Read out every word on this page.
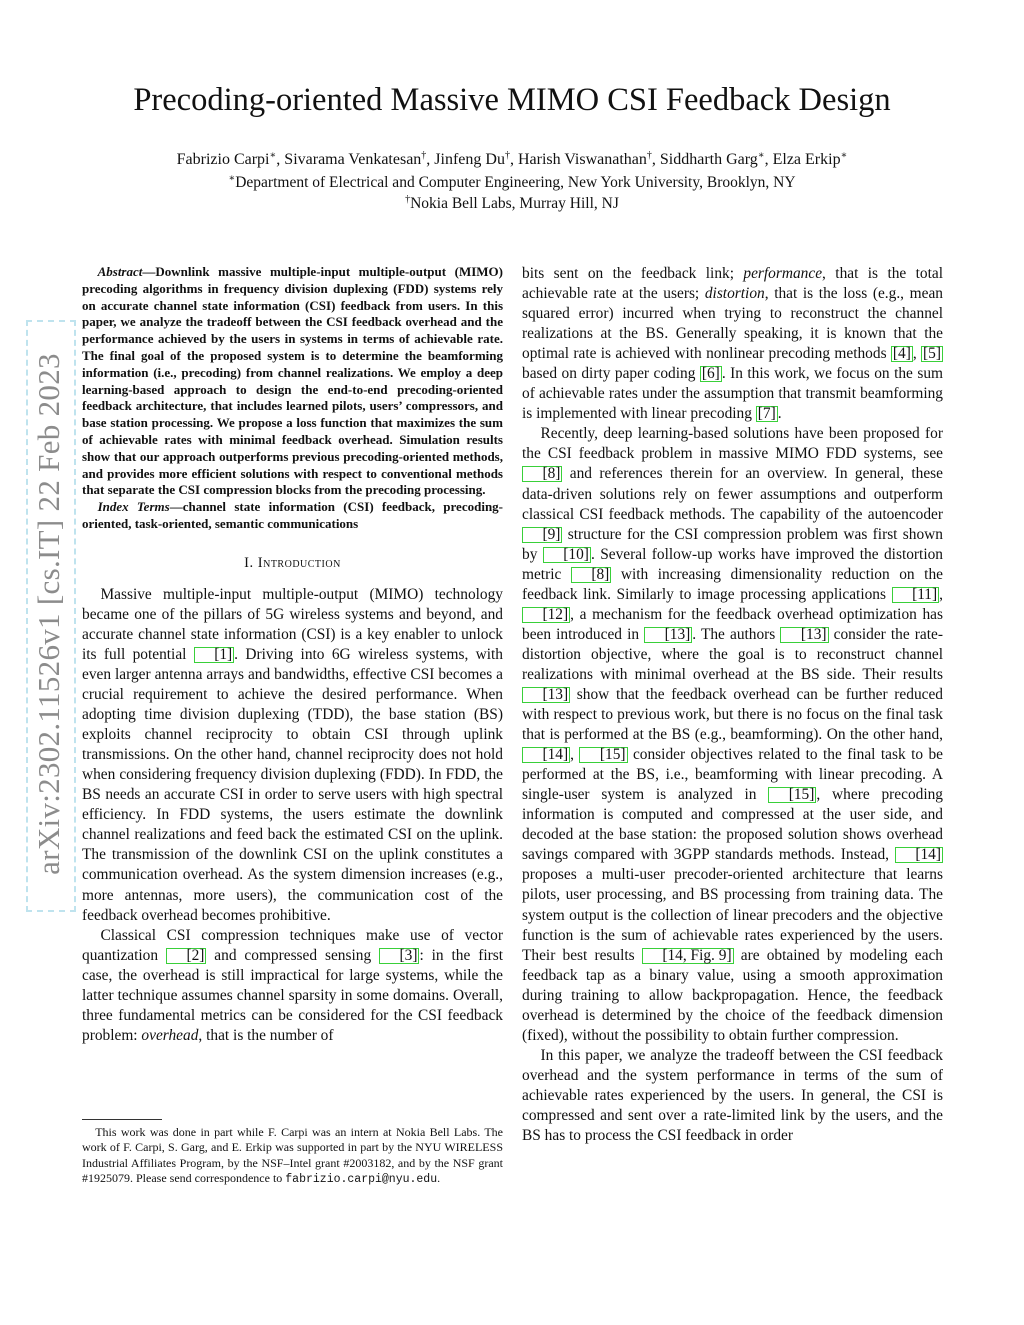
arXiv:2302.11526v1 [cs.IT] 22 Feb 2023
Precoding-oriented Massive MIMO CSI Feedback Design

Fabrizio Carpi∗, Sivarama Venkatesan†, Jinfeng Du†, Harish Viswanathan†, Siddharth Garg∗, Elza Erkip∗

∗Department of Electrical and Computer Engineering, New York University, Brooklyn, NY

†Nokia Bell Labs, Murray Hill, NJ

Abstract—Downlink massive multiple-input multiple-output (MIMO) precoding algorithms in frequency division duplexing (FDD) systems rely on accurate channel state information (CSI) feedback from users. In this paper, we analyze the tradeoff between the CSI feedback overhead and the performance achieved by the users in systems in terms of achievable rate. The final goal of the proposed system is to determine the beamforming information (i.e., precoding) from channel realizations. We employ a deep learning-based approach to design the end-to-end precoding-oriented feedback architecture, that includes learned pilots, users’ compressors, and base station processing. We propose a loss function that maximizes the sum of achievable rates with minimal feedback overhead. Simulation results show that our approach outperforms previous precoding-oriented methods, and provides more efficient solutions with respect to conventional methods that separate the CSI compression blocks from the precoding processing.

Index Terms—channel state information (CSI) feedback, precoding-oriented, task-oriented, semantic communications

I. Introduction

Massive multiple-input multiple-output (MIMO) technology became one of the pillars of 5G wireless systems and beyond, and accurate channel state information (CSI) is a key enabler to unlock its full potential [1] . Driving into 6G wireless systems, with even larger antenna arrays and bandwidths, effective CSI becomes a crucial requirement to achieve the desired performance. When adopting time division duplexing (TDD), the base station (BS) exploits channel reciprocity to obtain CSI through uplink transmissions. On the other hand, channel reciprocity does not hold when considering frequency division duplexing (FDD). In FDD, the BS needs an accurate CSI in order to serve users with high spectral efficiency. In FDD systems, the users estimate the downlink channel realizations and feed back the estimated CSI on the uplink. The transmission of the downlink CSI on the uplink constitutes a communication overhead. As the system dimension increases (e.g., more antennas, more users), the communication cost of the feedback overhead becomes prohibitive.

Classical CSI compression techniques make use of vector quantization [2] and compressed sensing [3] : in the first case, the overhead is still impractical for large systems, while the latter technique assumes channel sparsity in some domains. Overall, three fundamental metrics can be considered for the CSI feedback problem: overhead, that is the number of

bits sent on the feedback link; performance, that is the total achievable rate at the users; distortion, that is the loss (e.g., mean squared error) incurred when trying to reconstruct the channel realizations at the BS. Generally speaking, it is known that the optimal rate is achieved with nonlinear precoding methods [4] , [5] based on dirty paper coding [6] . In this work, we focus on the sum of achievable rates under the assumption that transmit beamforming is implemented with linear precoding [7] .

Recently, deep learning-based solutions have been proposed for the CSI feedback problem in massive MIMO FDD systems, see [8] and references therein for an overview. In general, these data-driven solutions rely on fewer assumptions and outperform classical CSI feedback methods. The capability of the autoencoder [9] structure for the CSI compression problem was first shown by [10] . Several follow-up works have improved the distortion metric [8] with increasing dimensionality reduction on the feedback link. Similarly to image processing applications [11] , [12] , a mechanism for the feedback overhead optimization has been introduced in [13] . The authors [13] consider the rate-distortion objective, where the goal is to reconstruct channel realizations with minimal overhead at the BS side. Their results [13] show that the feedback overhead can be further reduced with respect to previous work, but there is no focus on the final task that is performed at the BS (e.g., beamforming). On the other hand, [14] , [15] consider objectives related to the final task to be performed at the BS, i.e., beamforming with linear precoding. A single-user system is analyzed in [15] , where precoding information is computed and compressed at the user side, and decoded at the base station: the proposed solution shows overhead savings compared with 3GPP standards methods. Instead, [14] proposes a multi-user precoder-oriented architecture that learns pilots, user processing, and BS processing from training data. The system output is the collection of linear precoders and the objective function is the sum of achievable rates experienced by the users. Their best results [14, Fig. 9] are obtained by modeling each feedback tap as a binary value, using a smooth approximation during training to allow backpropagation. Hence, the feedback overhead is determined by the choice of the feedback dimension (fixed), without the possibility to obtain further compression.

In this paper, we analyze the tradeoff between the CSI feedback overhead and the system performance in terms of the sum of achievable rates experienced by the users. In general, the CSI is compressed and sent over a rate-limited link by the users, and the BS has to process the CSI feedback in order

This work was done in part while F. Carpi was an intern at Nokia Bell Labs. The work of F. Carpi, S. Garg, and E. Erkip was supported in part by the NYU WIRELESS Industrial Affiliates Program, by the NSF–Intel grant #2003182, and by the NSF grant #1925079. Please send correspondence to fabrizio.carpi@nyu.edu.
